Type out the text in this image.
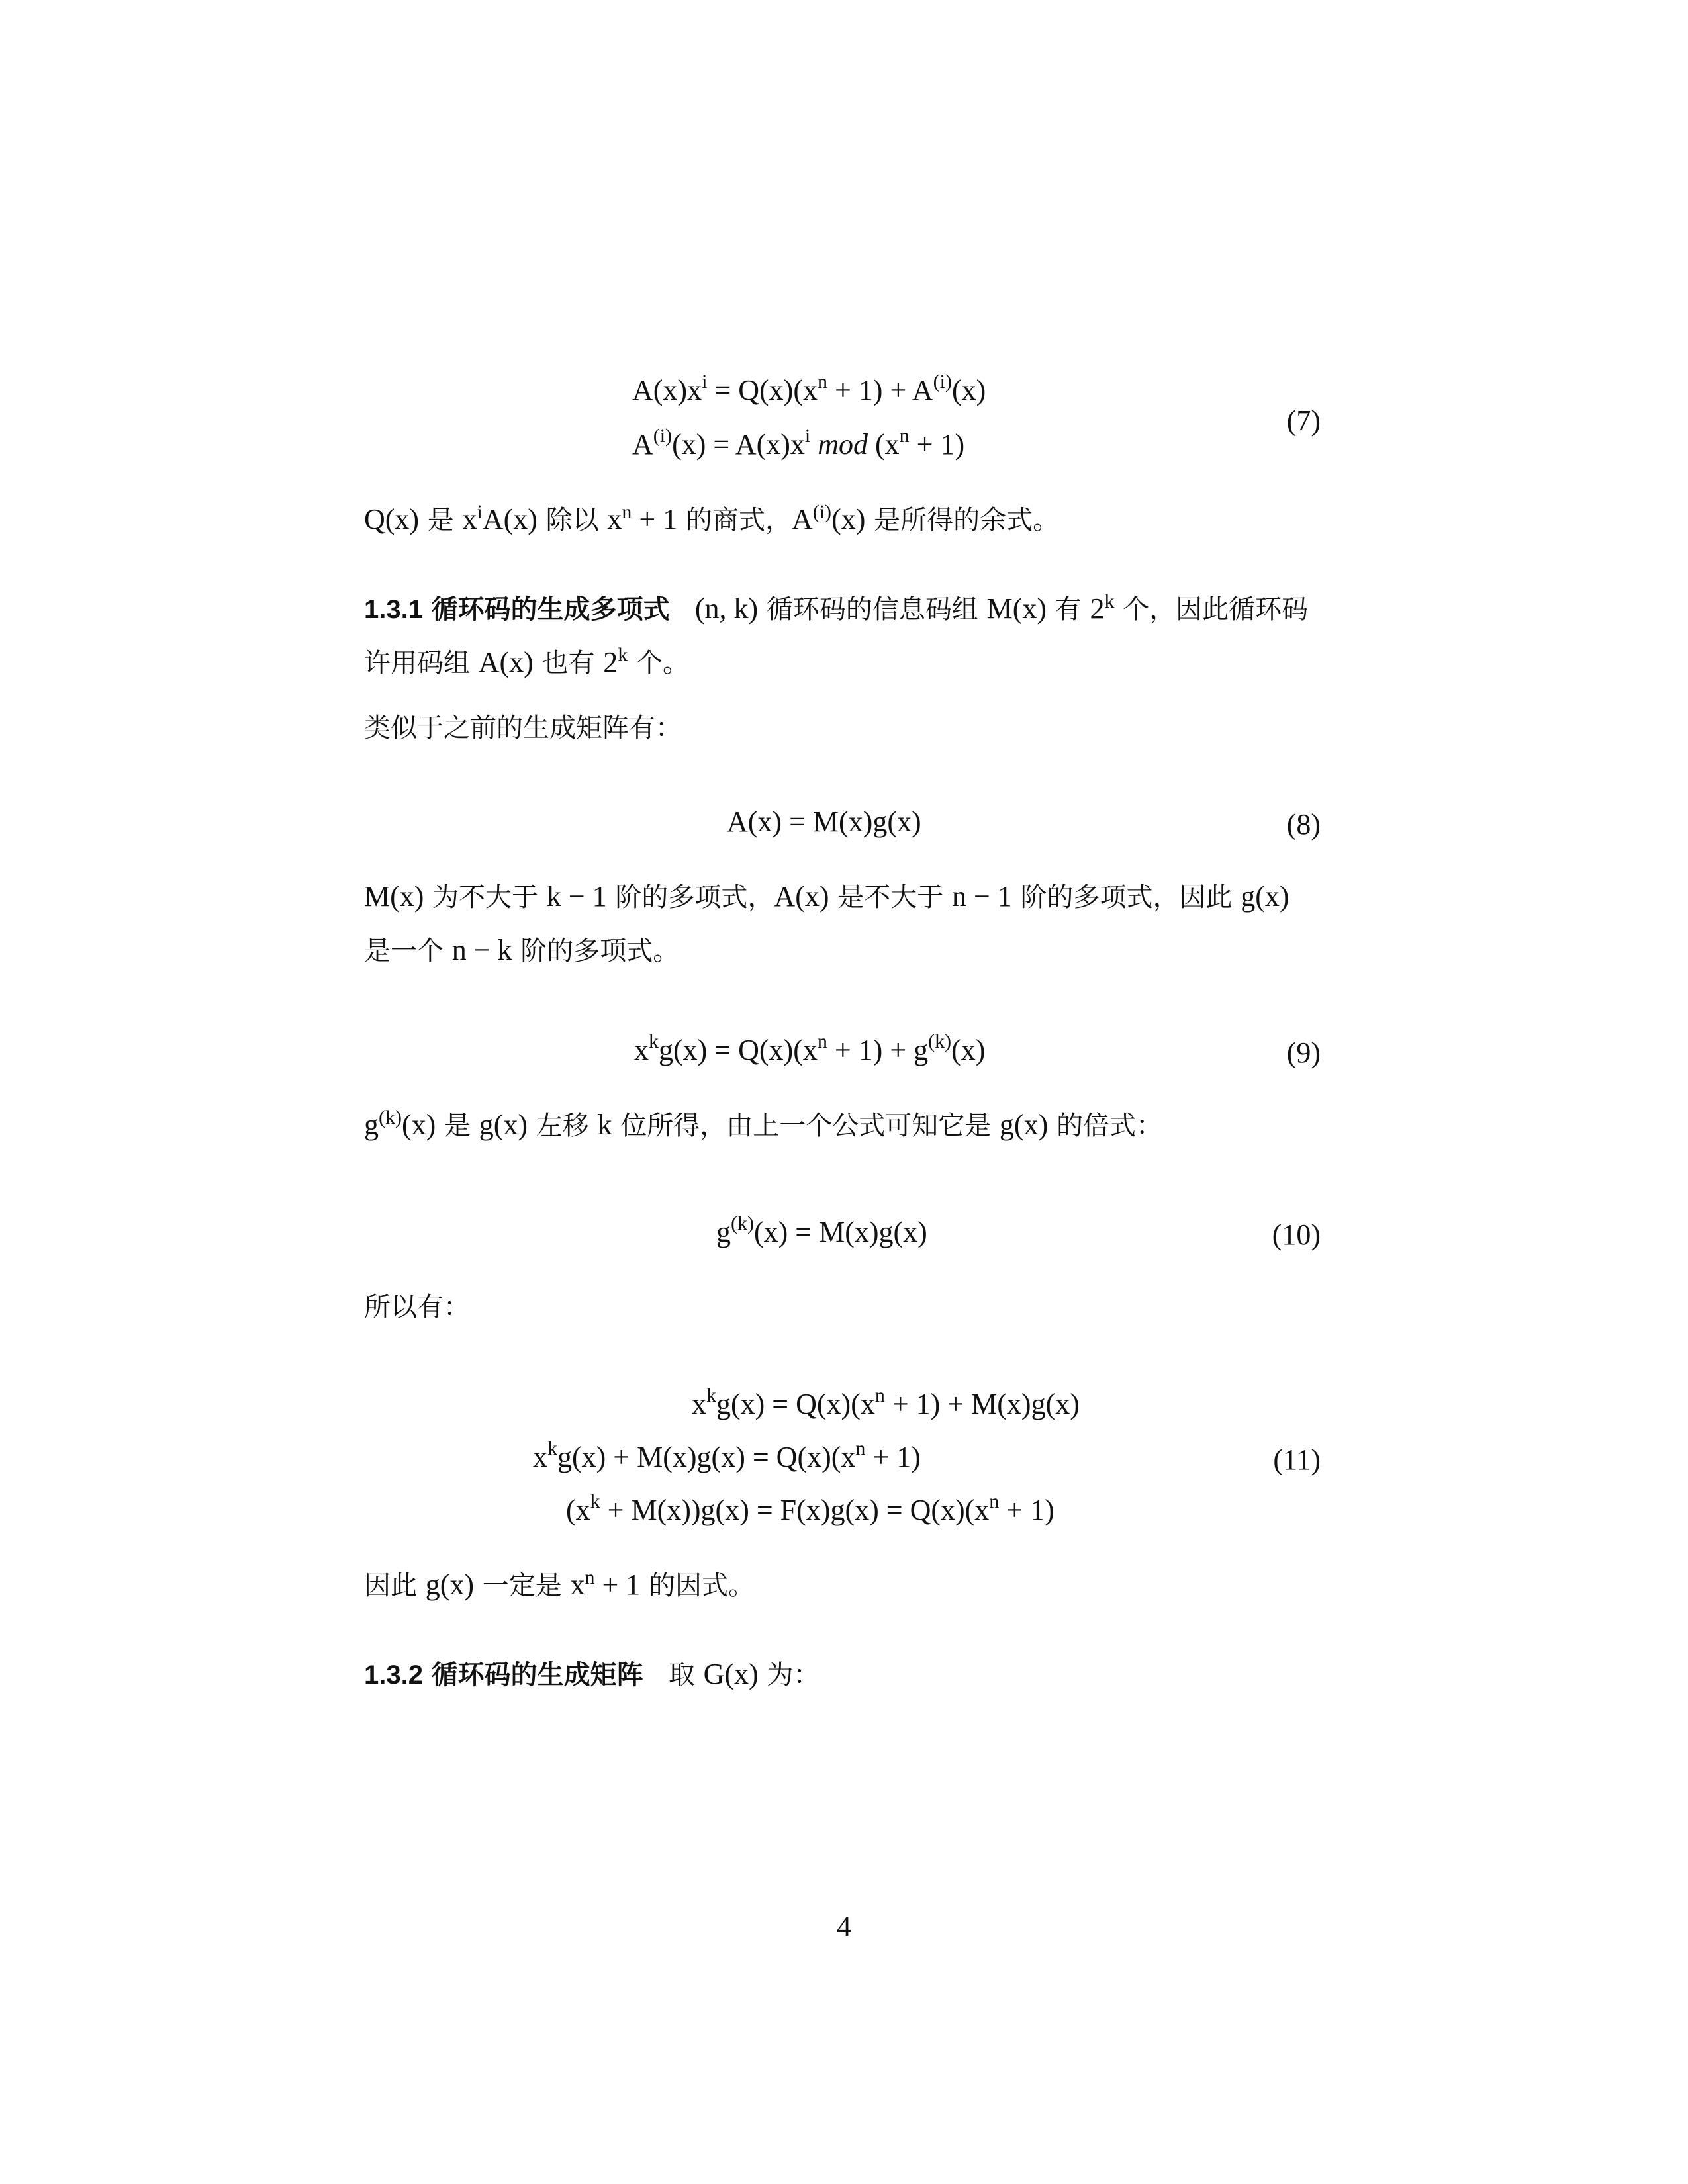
$A(x)x^i = Q(x)(x^n + 1) + A^{(i)}(x)$
$A^{(i)}(x) = A(x)x^i$ mod $(x^n + 1)$
(7)
Q(x) 是 $x^iA(x)$ 除以 $x^n + 1$ 的商式，$A^{(i)}(x)$ 是所得的余式。
1.3.1 循环码的生成多项式 (n, k) 循环码的信息码组 M(x) 有 2$^k$ 个，因此循环码许用码组 A(x) 也有 2$^k$ 个。
类似于之前的生成矩阵有：
A(x) = M(x)g(x)	(8)
M(x) 为不大于 k − 1 阶的多项式，A(x) 是不大于 n − 1 阶的多项式，因此 g(x) 是一个 n − k 阶的多项式。
$x^kg(x) = Q(x)(x^n + 1) + g^{(k)}(x)$	(9)
$g^{(k)}(x)$ 是 g(x) 左移 k 位所得，由上一个公式可知它是 g(x) 的倍式：
$g^{(k)}(x) = M(x)g(x)$	(10)
所以有：
$x^kg(x) = Q(x)(x^n + 1) + M(x)g(x)$
$x^kg(x) + M(x)g(x) = Q(x)(x^n + 1)$
$(x^k + M(x))g(x) = F(x)g(x) = Q(x)(x^n + 1)$
(11)
因此 g(x) 一定是 $x^n + 1$ 的因式。
1.3.2 循环码的生成矩阵 取 G(x) 为：
4
